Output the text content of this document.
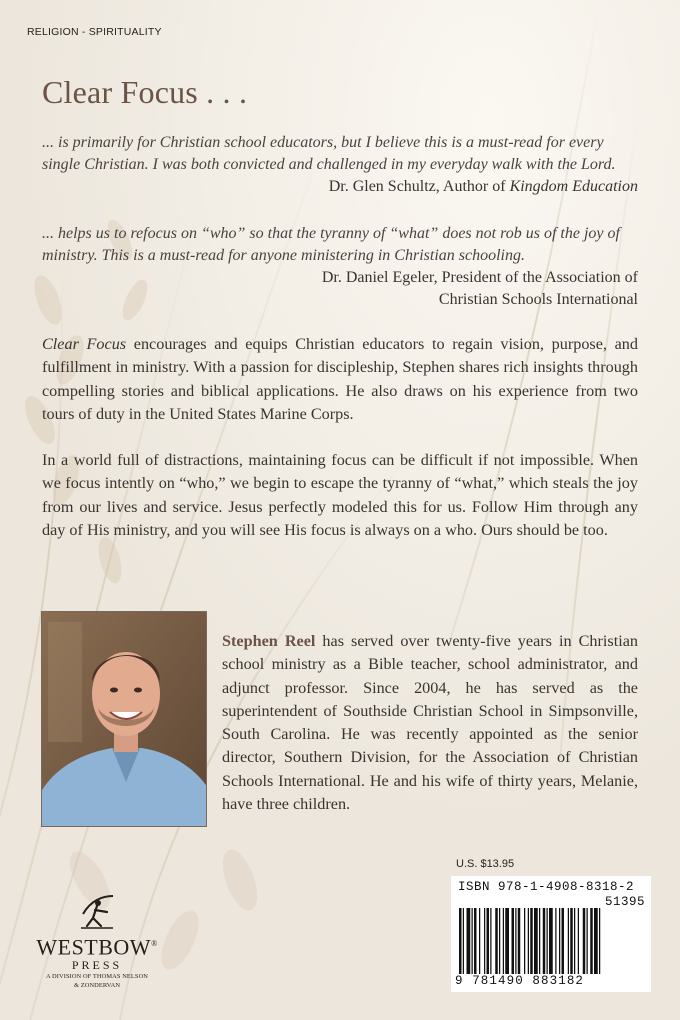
RELIGION - SPIRITUALITY
Clear Focus . . .
... is primarily for Christian school educators, but I believe this is a must-read for every single Christian. I was both convicted and challenged in my everyday walk with the Lord.
Dr. Glen Schultz, Author of Kingdom Education
... helps us to refocus on “who” so that the tyranny of “what” does not rob us of the joy of ministry. This is a must-read for anyone ministering in Christian schooling.
Dr. Daniel Egeler, President of the Association of
Christian Schools International

Clear Focus encourages and equips Christian educators to regain vision, purpose, and fulfillment in ministry. With a passion for discipleship, Stephen shares rich insights through compelling stories and biblical applications. He also draws on his experience from two tours of duty in the United States Marine Corps.

In a world full of distractions, maintaining focus can be difficult if not impossible. When we focus intently on “who,” we begin to escape the tyranny of “what,” which steals the joy from our lives and service. Jesus perfectly modeled this for us. Follow Him through any day of His ministry, and you will see His focus is always on a who. Ours should be too.

Stephen Reel has served over twenty-five years in Christian school ministry as a Bible teacher, school administrator, and adjunct professor. Since 2004, he has served as the superintendent of Southside Christian School in Simpsonville, South Carolina. He was recently appointed as the senior director, Southern Division, for the Association of Christian Schools International. He and his wife of thirty years, Melanie, have three children.

U.S. $13.95
ISBN 978-1-4908-8318-2
51395
9 781490 883182
WESTBOW®
PRESS
A DIVISION OF THOMAS NELSON
& ZONDERVAN
